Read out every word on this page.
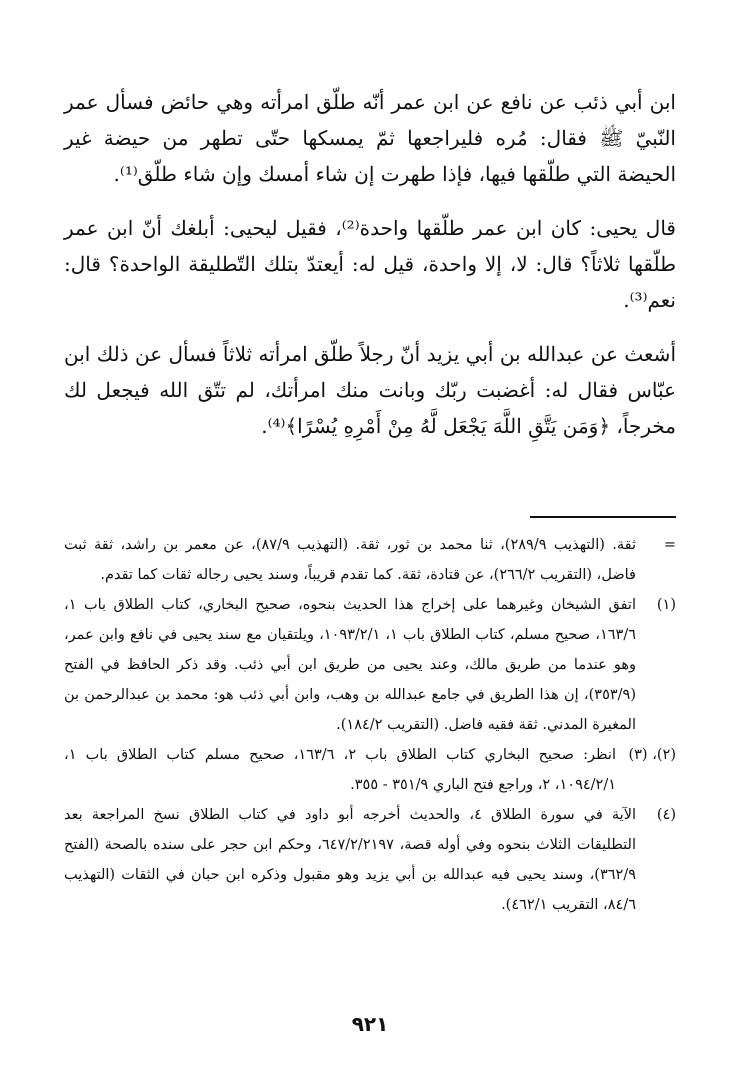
ابن أبي ذئب عن نافع عن ابن عمر أنّه طلّق امرأته وهي حائض فسأل عمر النّبيّ ﷺ فقال: مُره فليراجعها ثمّ يمسكها حتّى تطهر من حيضة غير الحيضة التي طلّقها فيها، فإذا طهرت إن شاء أمسك وإن شاء طلّق⁽¹⁾.

قال يحيى: كان ابن عمر طلّقها واحدة⁽²⁾، فقيل ليحيى: أبلغك أنّ ابن عمر طلّقها ثلاثاً؟ قال: لا، إلا واحدة، قيل له: أيعتدّ بتلك التّطليقة الواحدة؟ قال: نعم⁽³⁾.

أشعث عن عبدالله بن أبي يزيد أنّ رجلاً طلّق امرأته ثلاثاً فسأل عن ذلك ابن عبّاس فقال له: أغضبت ربّك وبانت منك امرأتك، لم تتّق الله فيجعل لك مخرجاً، ﴿وَمَن يَتَّقِ اللَّهَ يَجْعَل لَّهُ مِنْ أَمْرِهِ يُسْرًا﴾⁽⁴⁾.

=
ثقة. (التهذيب ٢٨٩/٩)، ثنا محمد بن ثور، ثقة. (التهذيب ٨٧/٩)، عن معمر بن راشد، ثقة ثبت فاضل، (التقريب ٢٦٦/٢)، عن قتادة، ثقة. كما تقدم قريباً، وسند يحيى رجاله ثقات كما تقدم.
(١)
اتفق الشيخان وغيرهما على إخراج هذا الحديث بنحوه، صحيح البخاري، كتاب الطلاق باب ١، ١٦٣/٦، صحيح مسلم، كتاب الطلاق باب ١، ١٠٩٣/٢/١، ويلتقيان مع سند يحيى في نافع وابن عمر، وهو عندما من طريق مالك، وعند يحيى من طريق ابن أبي ذئب. وقد ذكر الحافظ في الفتح (٣٥٣/٩)، إن هذا الطريق في جامع عبدالله بن وهب، وابن أبي ذئب هو: محمد بن عبدالرحمن بن المغيرة المدني. ثقة فقيه فاضل. (التقريب ١٨٤/٢).
(٢)، (٣)
انظر: صحيح البخاري كتاب الطلاق باب ٢، ١٦٣/٦، صحيح مسلم كتاب الطلاق باب ١، ١٠٩٤/٢/١، ٢، وراجع فتح الباري ٣٥١/٩ - ٣٥٥.
(٤)
الآية في سورة الطلاق ٤، والحديث أخرجه أبو داود في كتاب الطلاق نسخ المراجعة بعد التطليقات الثلاث بنحوه وفي أوله قصة، ٦٤٧/٢/٢١٩٧، وحكم ابن حجر على سنده بالصحة (الفتح ٣٦٢/٩)، وسند يحيى فيه عبدالله بن أبي يزيد وهو مقبول وذكره ابن حبان في الثقات (التهذيب ٨٤/٦، التقريب ٤٦٢/١).
٩٢١
